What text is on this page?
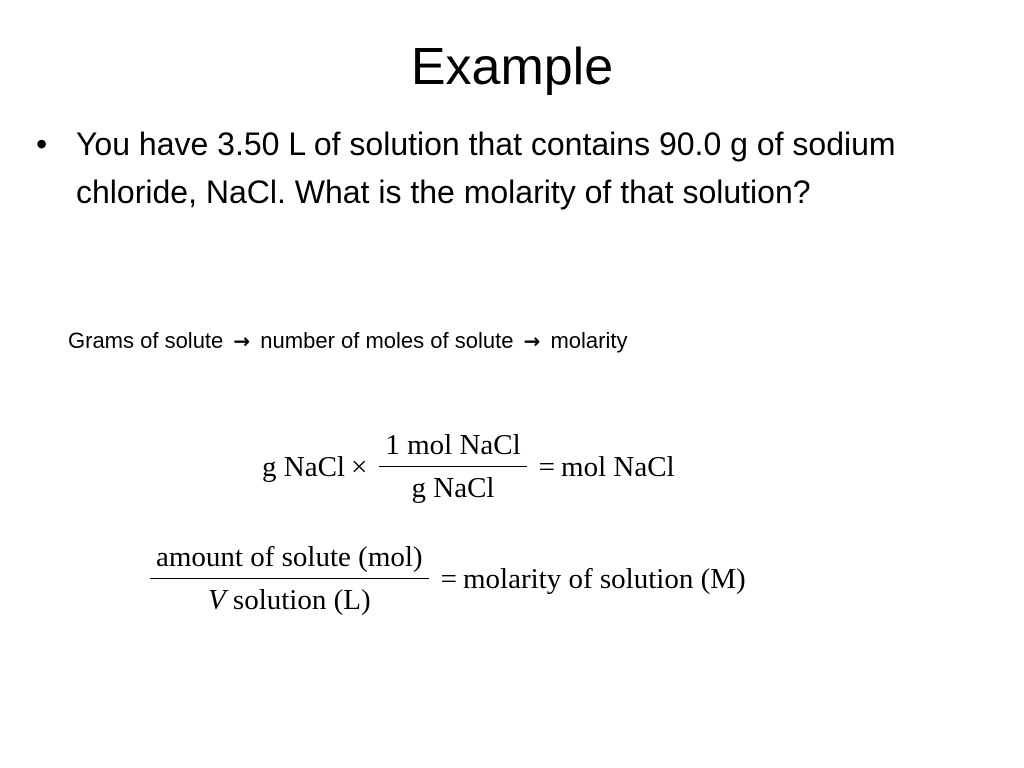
Example
• You have 3.50 L of solution that contains 90.0 g of sodium chloride, NaCl. What is the molarity of that solution?
Grams of solute → number of moles of solute → molarity
g NaCl × $\frac{\text{1 mol NaCl}}{\text{g NaCl}}$ = mol NaCl
$\frac{\text{amount of solute (mol)}}{\text{V solution (L)}}$ = molarity of solution (M)
